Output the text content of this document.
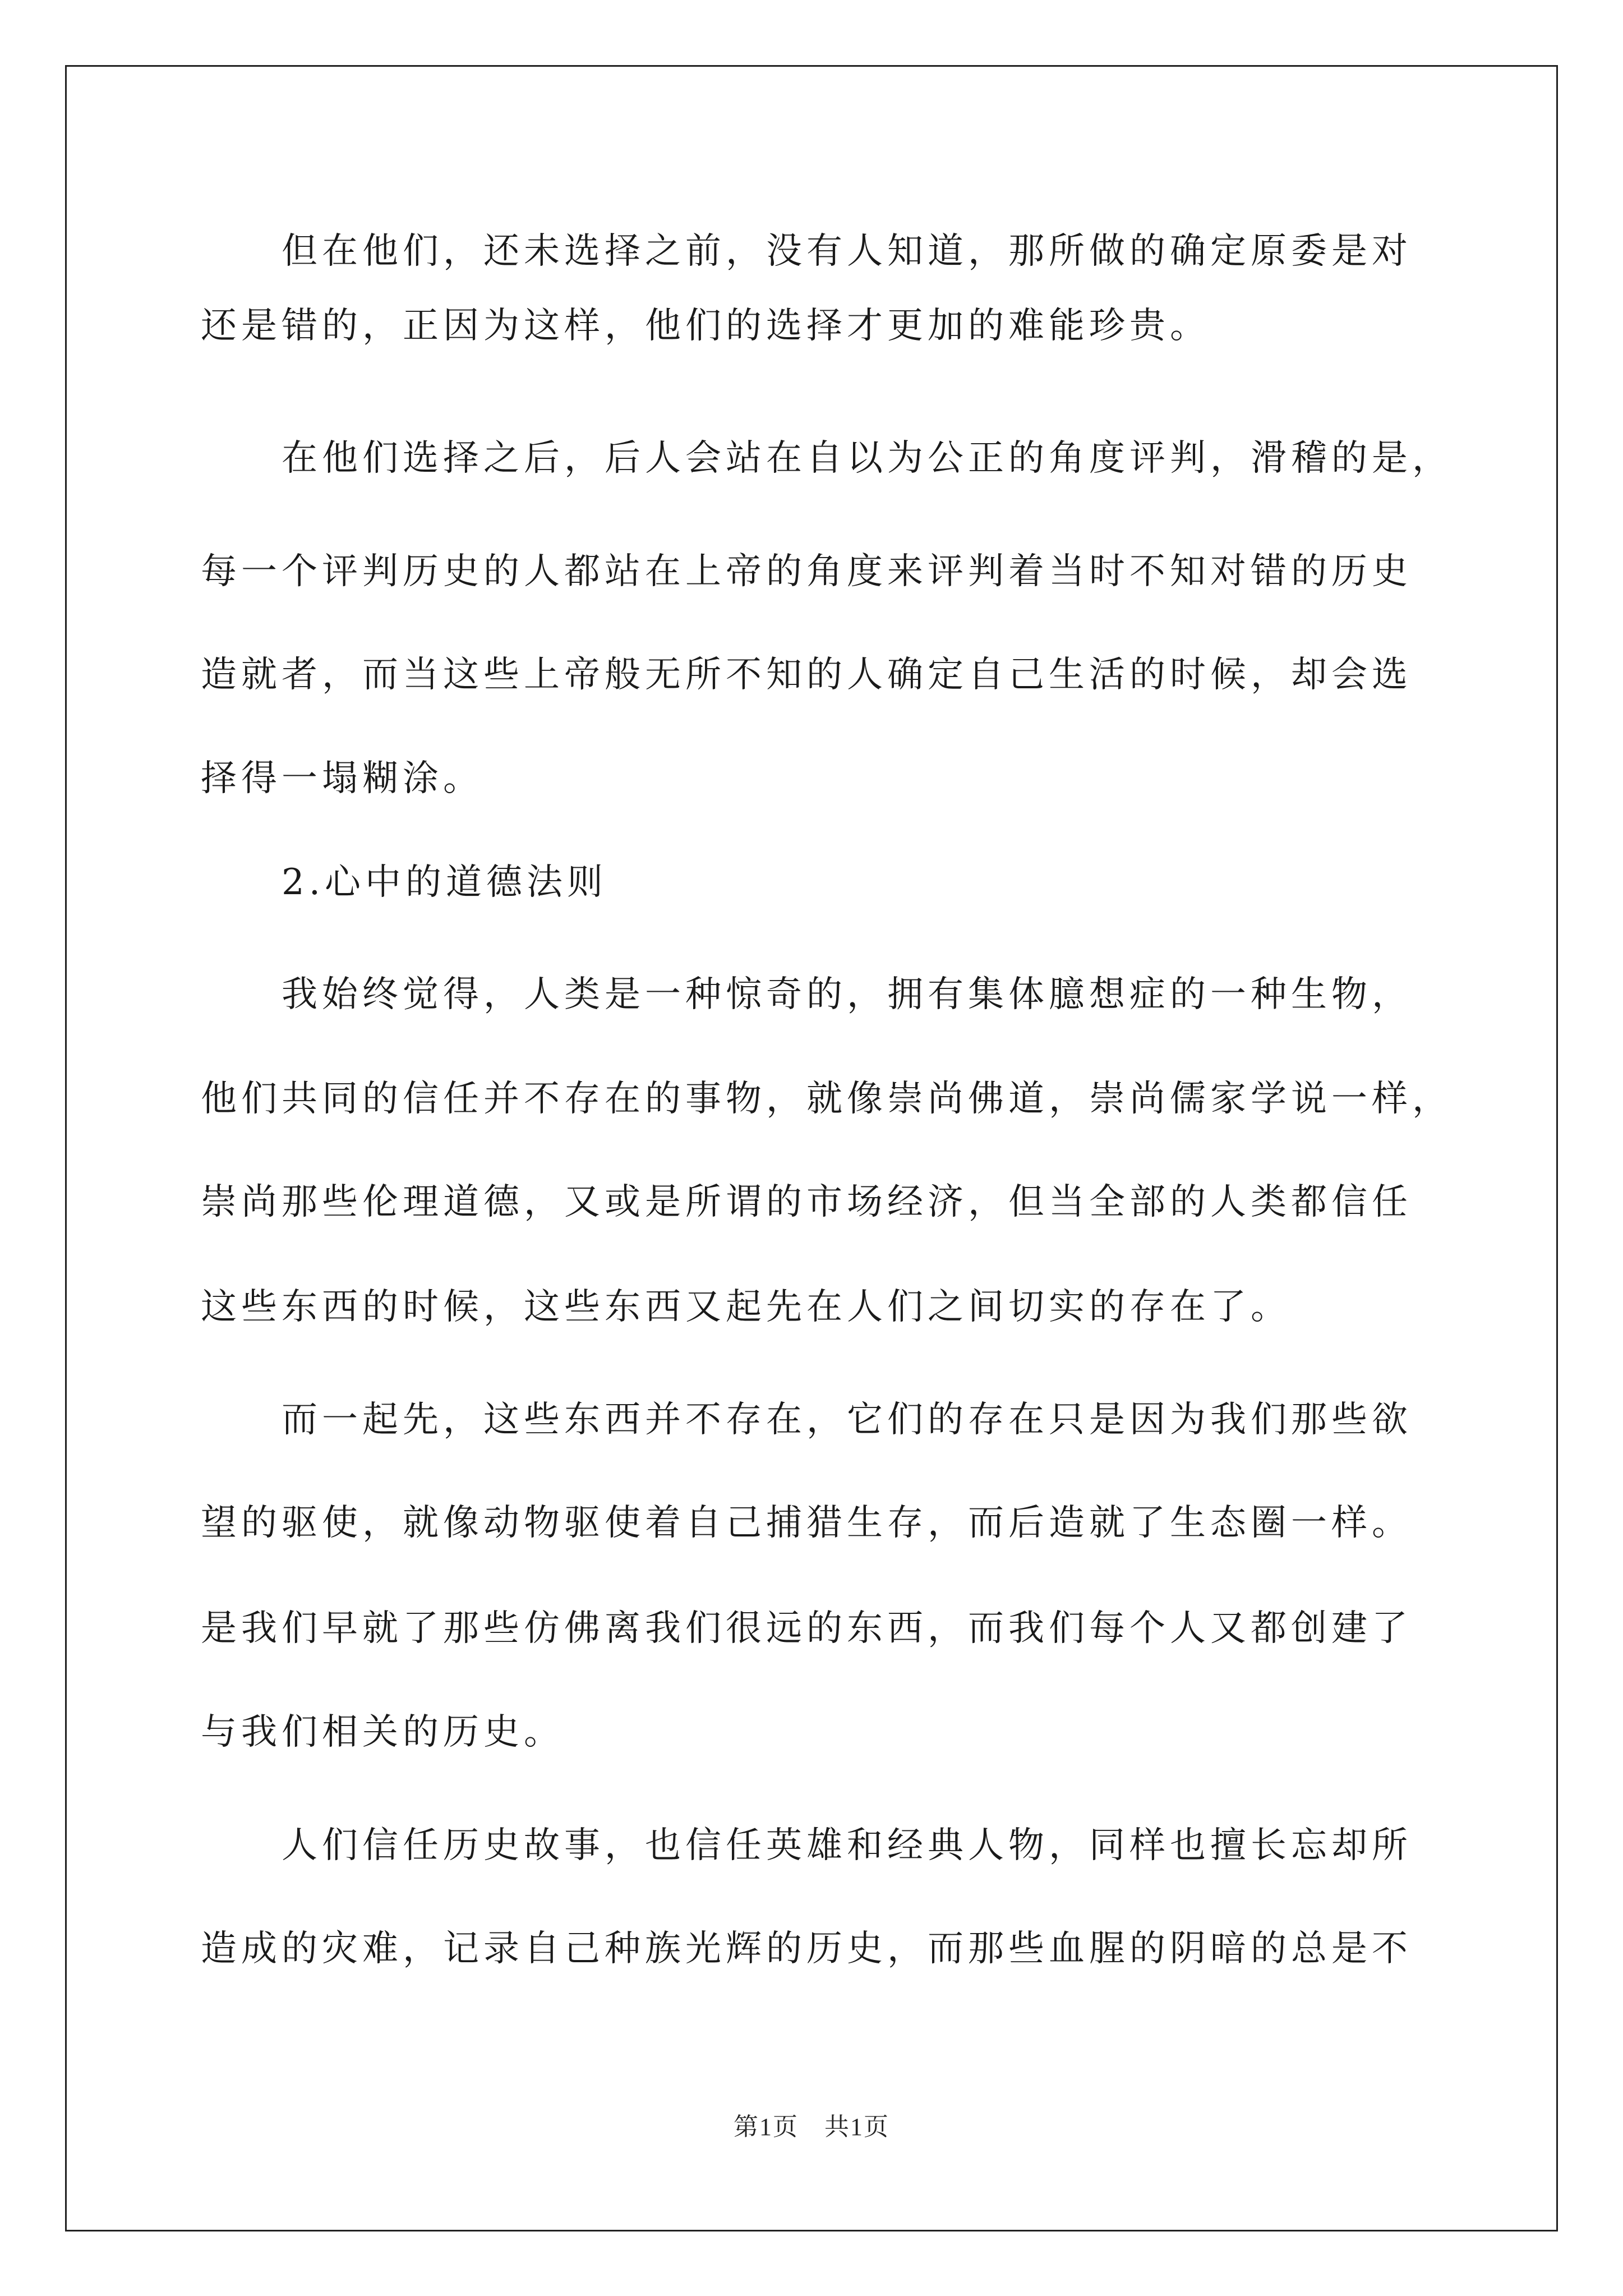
　　但在他们，还未选择之前，没有人知道，那所做的确定原委是对
还是错的，正因为这样，他们的选择才更加的难能珍贵。
　　在他们选择之后，后人会站在自以为公正的角度评判，滑稽的是，
每一个评判历史的人都站在上帝的角度来评判着当时不知对错的历史
造就者，而当这些上帝般无所不知的人确定自己生活的时候，却会选
择得一塌糊涂。
　　2.心中的道德法则
　　我始终觉得，人类是一种惊奇的，拥有集体臆想症的一种生物，
他们共同的信任并不存在的事物，就像崇尚佛道，崇尚儒家学说一样，
崇尚那些伦理道德，又或是所谓的市场经济，但当全部的人类都信任
这些东西的时候，这些东西又起先在人们之间切实的存在了。
　　而一起先，这些东西并不存在，它们的存在只是因为我们那些欲
望的驱使，就像动物驱使着自己捕猎生存，而后造就了生态圈一样。
是我们早就了那些仿佛离我们很远的东西，而我们每个人又都创建了
与我们相关的历史。
　　人们信任历史故事，也信任英雄和经典人物，同样也擅长忘却所
造成的灾难，记录自己种族光辉的历史，而那些血腥的阴暗的总是不
第1页　共1页
